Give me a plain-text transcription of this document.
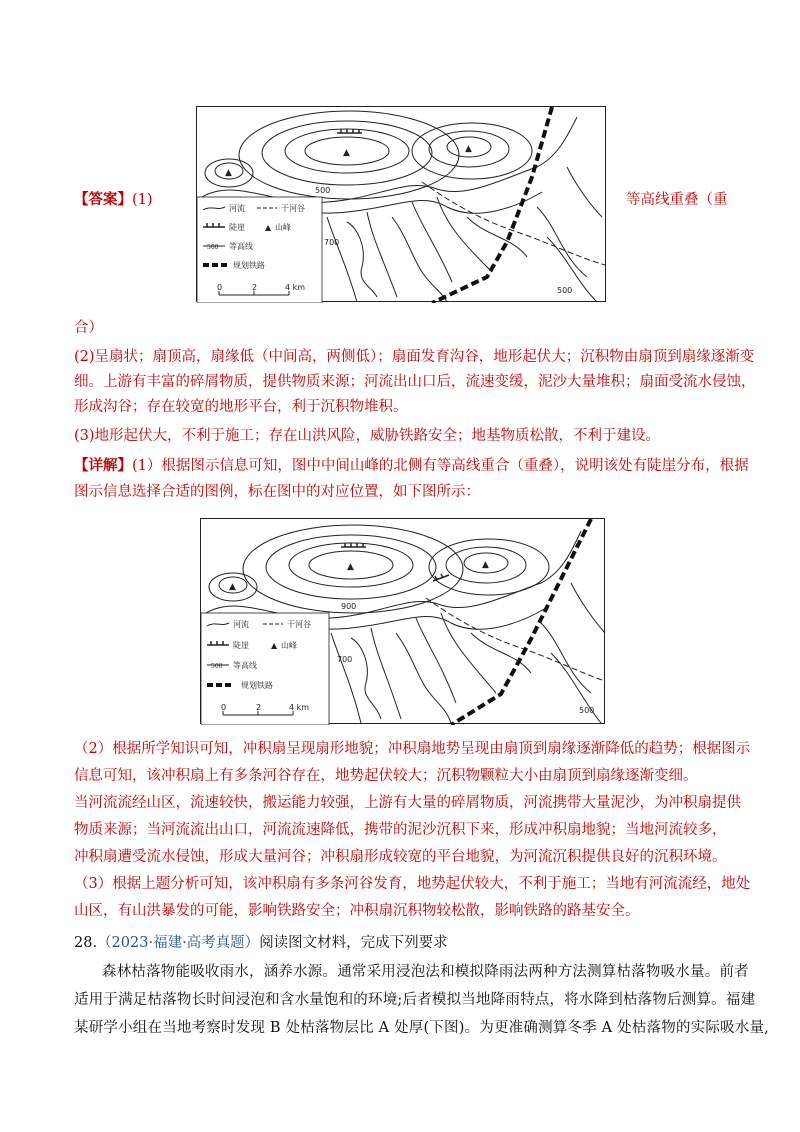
【答案】(1)	等高线重叠（重
▲	▲
▲
500
700
500
河流	干河谷
陡崖	▲ 山峰
500 等高线
规划铁路
0	2	4 km
合）
(2)呈扇状；扇顶高，扇缘低（中间高，两侧低）；扇面发育沟谷，地形起伏大；沉积物由扇顶到扇缘逐渐变
细。上游有丰富的碎屑物质，提供物质来源；河流出山口后，流速变缓，泥沙大量堆积；扇面受流水侵蚀，
形成沟谷；存在较宽的地形平台，利于沉积物堆积。
(3)地形起伏大，不利于施工；存在山洪风险，威胁铁路安全；地基物质松散，不利于建设。
【详解】(1）根据图示信息可知，图中中间山峰的北侧有等高线重合（重叠），说明该处有陡崖分布，根据
图示信息选择合适的图例，标在图中的对应位置，如下图所示：
▲	▲
▲
900
700
500
河流	干河谷
陡崖	▲ 山峰
500 等高线
规划铁路
0	2	4 km
（2）根据所学知识可知，冲积扇呈现扇形地貌；冲积扇地势呈现由扇顶到扇缘逐渐降低的趋势；根据图示
信息可知，该冲积扇上有多条河谷存在，地势起伏较大；沉积物颗粒大小由扇顶到扇缘逐渐变细。
当河流流经山区，流速较快，搬运能力较强，上游有大量的碎屑物质，河流携带大量泥沙，为冲积扇提供
物质来源；当河流流出山口，河流流速降低，携带的泥沙沉积下来，形成冲积扇地貌；当地河流较多，
冲积扇遭受流水侵蚀，形成大量河谷；冲积扇形成较宽的平台地貌，为河流沉积提供良好的沉积环境。
（3）根据上题分析可知，该冲积扇有多条河谷发育，地势起伏较大，不利于施工；当地有河流流经，地处
山区，有山洪暴发的可能，影响铁路安全；冲积扇沉积物较松散，影响铁路的路基安全。
28.（2023·福建·高考真题）阅读图文材料，完成下列要求
森林枯落物能吸收雨水，涵养水源。通常采用浸泡法和模拟降雨法两种方法测算枯落物吸水量。前者
适用于满足枯落物长时间浸泡和含水量饱和的环境;后者模拟当地降雨特点，将水降到枯落物后测算。福建
某研学小组在当地考察时发现 B 处枯落物层比 A 处厚(下图)。为更准确测算冬季 A 处枯落物的实际吸水量,
